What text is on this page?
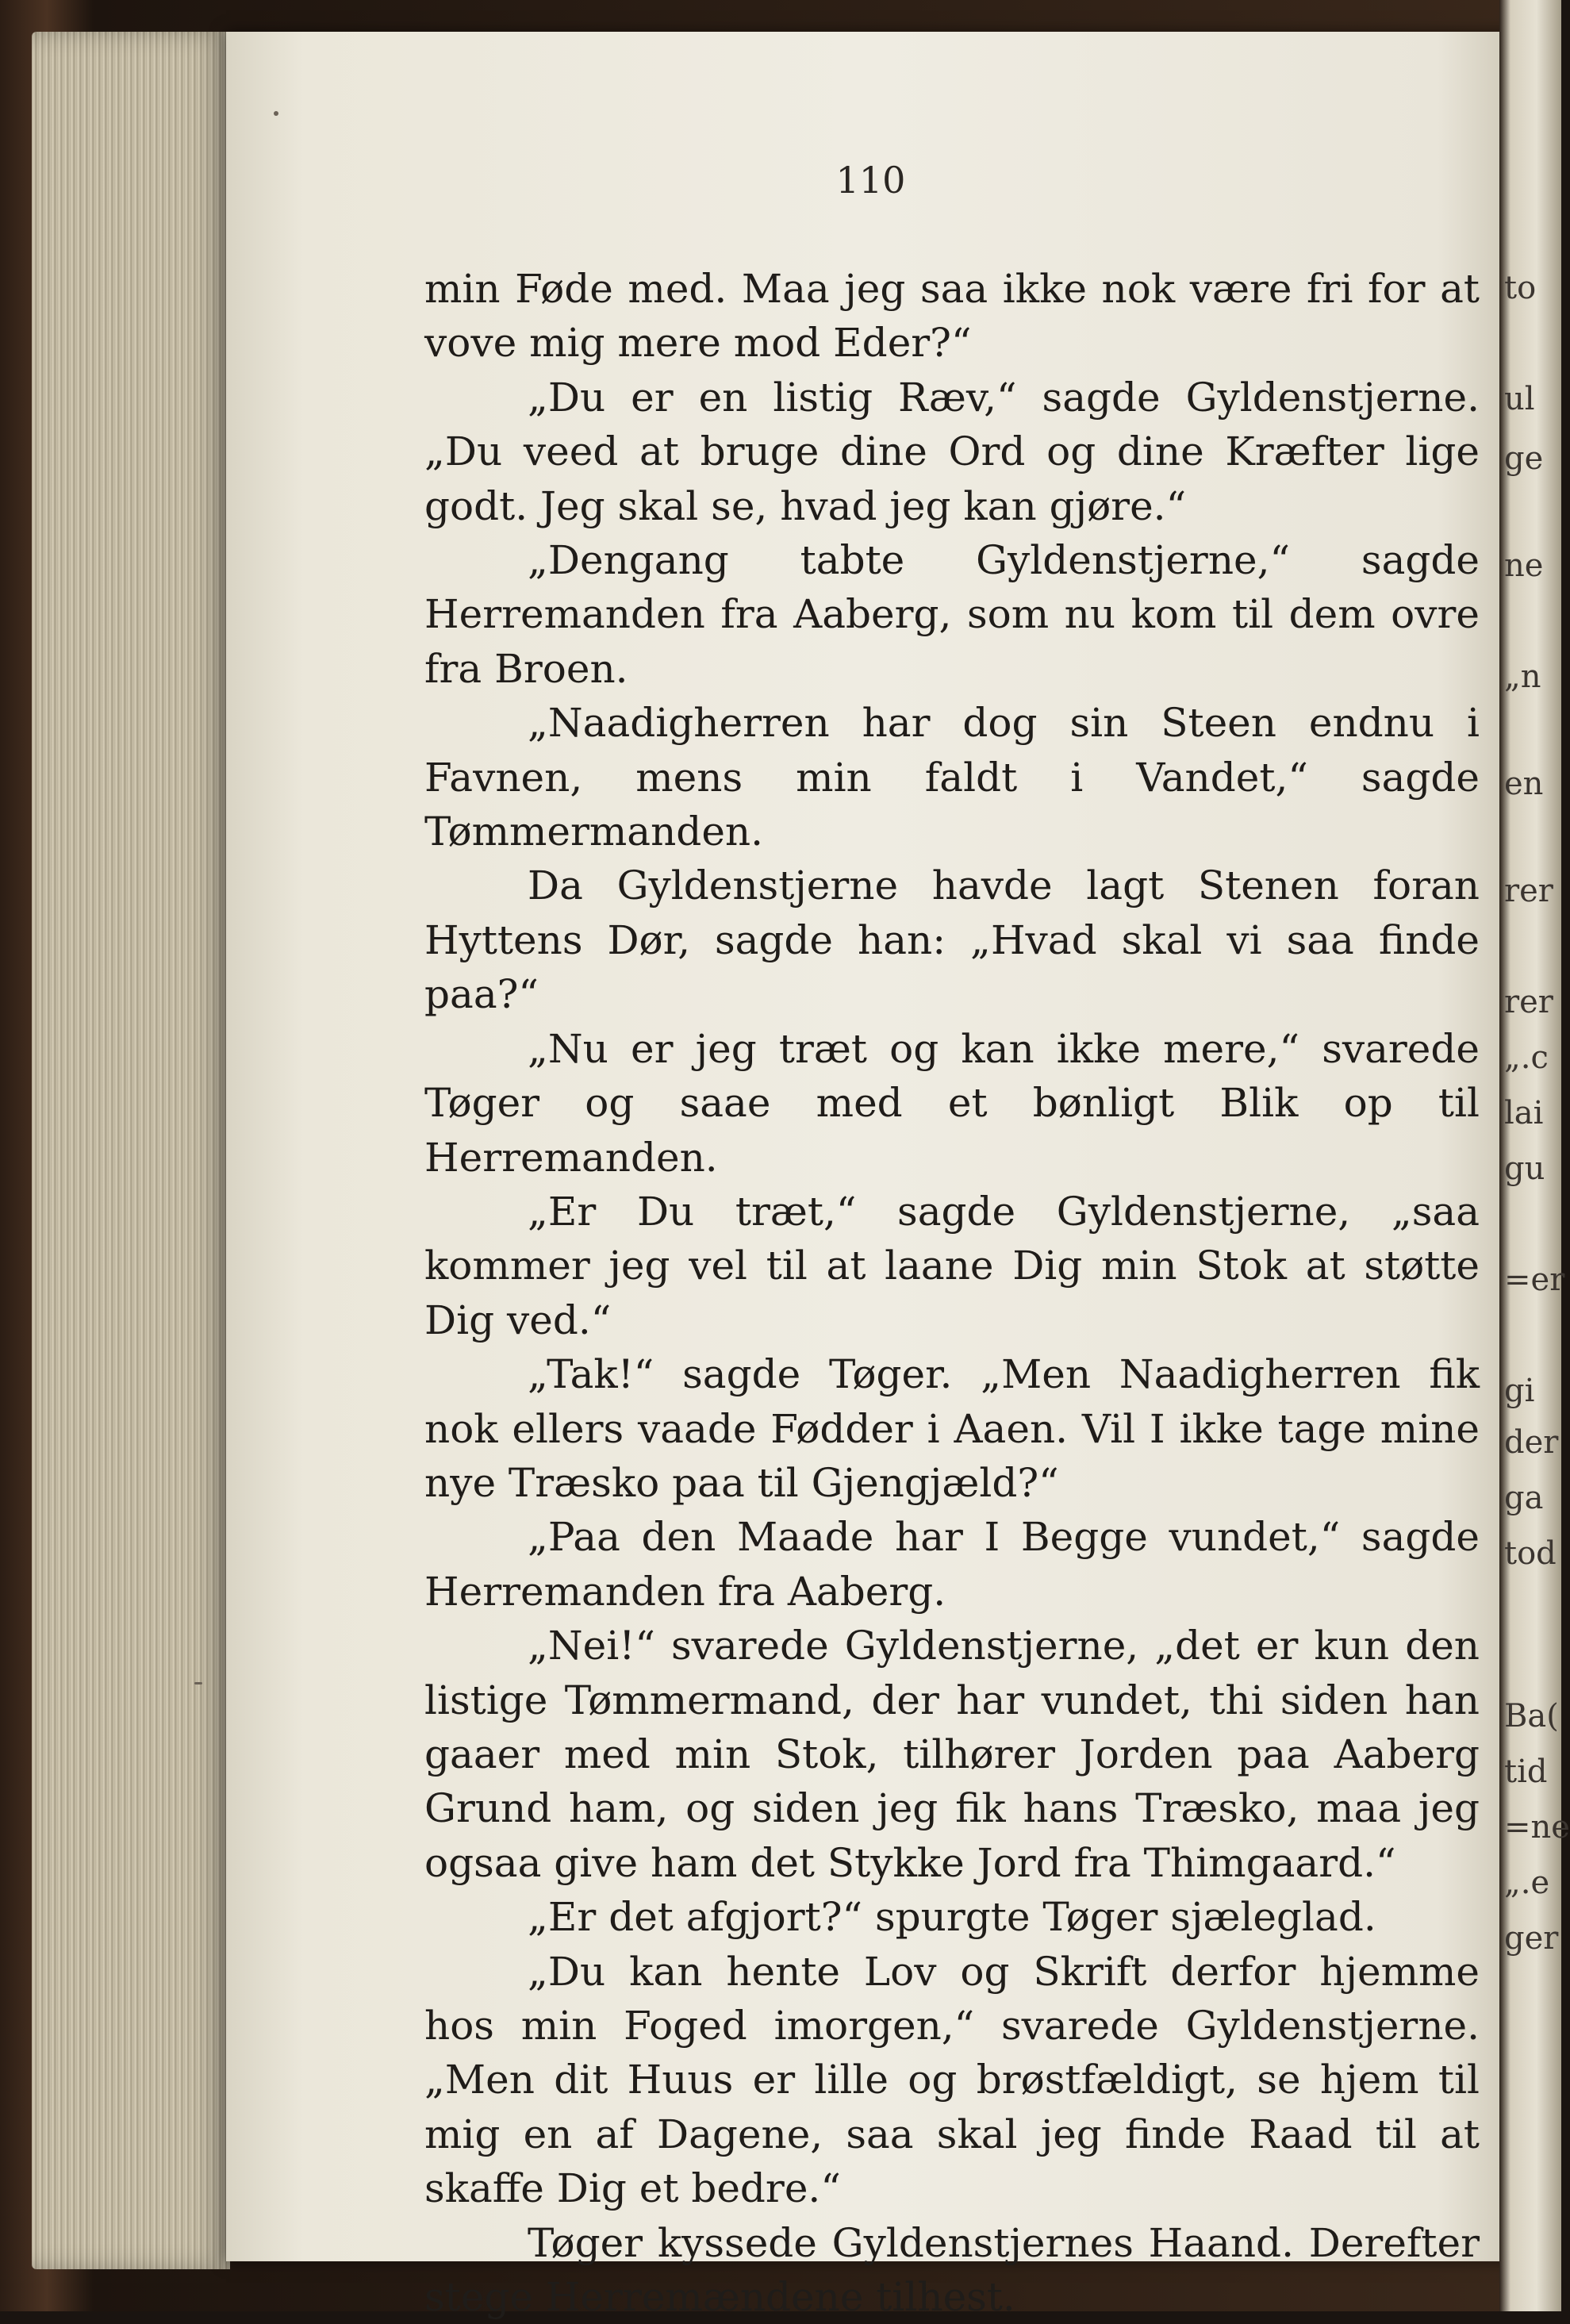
110

min Føde med. Maa jeg saa ikke nok være fri for at vove mig mere mod Eder?“

„Du er en listig Ræv,“ sagde Gyldenstjerne. „Du veed at bruge dine Ord og dine Kræfter lige godt. Jeg skal se, hvad jeg kan gjøre.“

„Dengang tabte Gyldenstjerne,“ sagde Herremanden fra Aaberg, som nu kom til dem ovre fra Broen.

„Naadigherren har dog sin Steen endnu i Favnen, mens min faldt i Vandet,“ sagde Tømmermanden.

Da Gyldenstjerne havde lagt Stenen foran Hyttens Dør, sagde han: „Hvad skal vi saa finde paa?“

„Nu er jeg træt og kan ikke mere,“ svarede Tøger og saae med et bønligt Blik op til Herremanden.

„Er Du træt,“ sagde Gyldenstjerne, „saa kommer jeg vel til at laane Dig min Stok at støtte Dig ved.“

„Tak!“ sagde Tøger. „Men Naadigherren fik nok ellers vaade Fødder i Aaen. Vil I ikke tage mine nye Træsko paa til Gjengjæld?“

„Paa den Maade har I Begge vundet,“ sagde Herremanden fra Aaberg.

„Nei!“ svarede Gyldenstjerne, „det er kun den listige Tømmermand, der har vundet, thi siden han gaaer med min Stok, tilhører Jorden paa Aaberg Grund ham, og siden jeg fik hans Træsko, maa jeg ogsaa give ham det Stykke Jord fra Thimgaard.“

„Er det afgjort?“ spurgte Tøger sjæleglad.

„Du kan hente Lov og Skrift derfor hjemme hos min Foged imorgen,“ svarede Gyldenstjerne. „Men dit Huus er lille og brøstfældigt, se hjem til mig en af Dagene, saa skal jeg finde Raad til at skaffe Dig et bedre.“

Tøger kyssede Gyldenstjernes Haand. Derefter stege Herremændene tilhest.

to
ul
ge
ne
„n
en
rer
rer
„.c
lai
gu
=er
gi
der
ga
tod
Ba(
tid
=ne
„.e
ger
